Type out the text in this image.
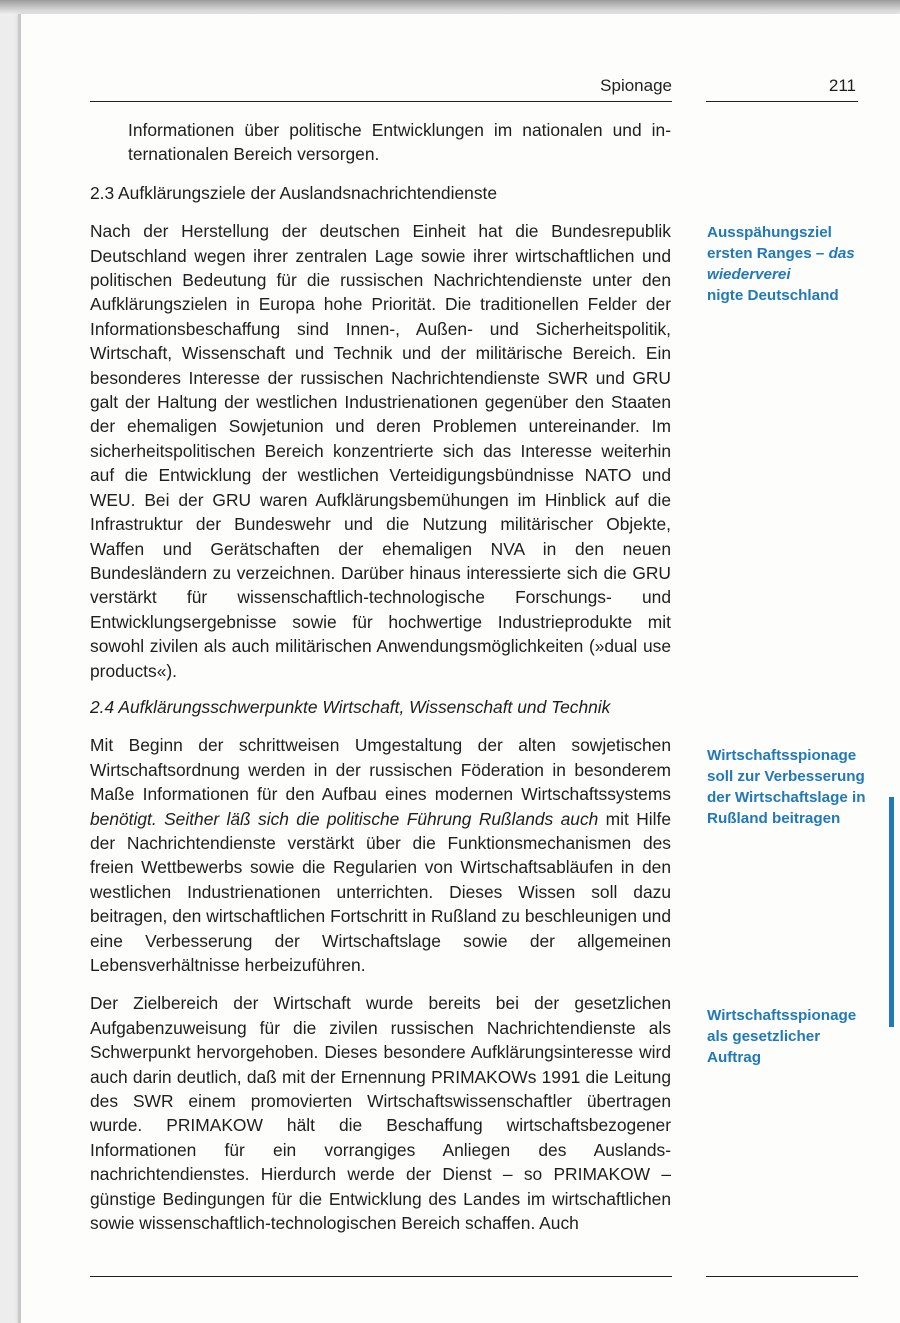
Spionage	211

Informationen über politische Entwicklungen im nationalen und internationalen Bereich versorgen.

2.3 Aufklärungsziele der Auslandsnachrichtendienste

Nach der Herstellung der deutschen Einheit hat die Bundesrepublik Deutschland wegen ihrer zentralen Lage sowie ihrer wirtschaftlichen und politischen Bedeutung für die russischen Nachrichtendienste unter den Aufklärungszielen in Europa hohe Priorität. Die traditionellen Felder der Informationsbeschaffung sind Innen-, Außen- und Sicherheitspolitik, Wirtschaft, Wissenschaft und Technik und der militärische Bereich. Ein besonderes Interesse der russischen Nachrichtendienste SWR und GRU galt der Haltung der westlichen Industrienationen gegenüber den Staaten der ehemaligen Sowjetunion und deren Problemen untereinander. Im sicherheitspolitischen Bereich konzentrierte sich das Interesse weiterhin auf die Entwicklung der westlichen Verteidigungsbündnisse NATO und WEU. Bei der GRU waren Aufklärungsbemühungen im Hinblick auf die Infrastruktur der Bundeswehr und die Nutzung militärischer Objekte, Waffen und Gerätschaften der ehemaligen NVA in den neuen Bundesländern zu verzeichnen. Darüber hinaus interessierte sich die GRU verstärkt für wissenschaftlich-technologische Forschungs- und Entwicklungsergebnisse sowie für hochwertige Industrieprodukte mit sowohl zivilen als auch militärischen Anwendungsmöglichkeiten (»dual use products«).

2.4 Aufklärungsschwerpunkte Wirtschaft, Wissenschaft und Technik

Mit Beginn der schrittweisen Umgestaltung der alten sowjetischen Wirtschaftsordnung werden in der russischen Föderation in besonderem Maße Informationen für den Aufbau eines modernen Wirtschaftssystems benötigt. Seither läß sich die politische Führung Rußlands auch mit Hilfe der Nachrichtendienste verstärkt über die Funktionsmechanismen des freien Wettbewerbs sowie die Regularien von Wirtschaftsabläufen in den westlichen Industrienationen unterrichten. Dieses Wissen soll dazu beitragen, den wirtschaftlichen Fortschritt in Rußland zu beschleunigen und eine Verbesserung der Wirtschaftslage sowie der allgemeinen Lebensverhältnisse herbeizuführen.

Der Zielbereich der Wirtschaft wurde bereits bei der gesetzlichen Aufgabenzuweisung für die zivilen russischen Nachrichtendienste als Schwerpunkt hervorgehoben. Dieses besondere Aufklärungsinteresse wird auch darin deutlich, daß mit der Ernennung PRIMAKOWs 1991 die Leitung des SWR einem promovierten Wirtschaftswissenschaftler übertragen wurde. PRIMAKOW hält die Beschaffung wirtschaftsbezogener Informationen für ein vorrangiges Anliegen des Auslandsnachrichtendienstes. Hierdurch werde der Dienst – so PRIMAKOW – günstige Bedingungen für die Entwicklung des Landes im wirtschaftlichen sowie wissenschaftlich-technologischen Bereich schaffen. Auch

Ausspähungsziel ersten Ranges – das wiederverei
nigte Deutschland
Wirtschaftsspionage soll zur Verbesserung der Wirtschaftslage in Rußland beitragen
Wirtschaftsspionage als gesetzlicher Auftrag
